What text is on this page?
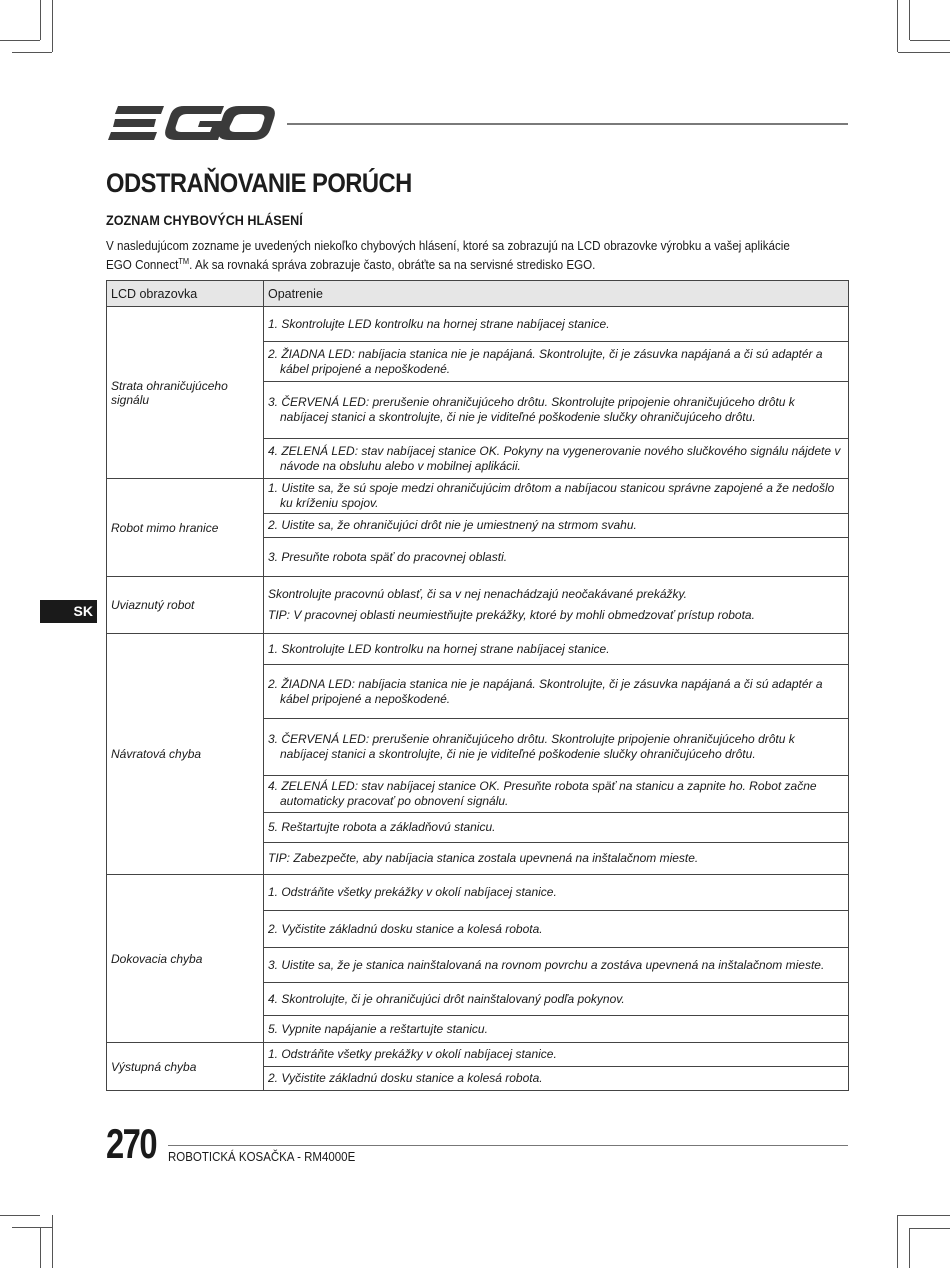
ODSTRAŇOVANIE PORÚCH
ZOZNAM CHYBOVÝCH HLÁSENÍ

V nasledujúcom zozname je uvedených niekoľko chybových hlásení, ktoré sa zobrazujú na LCD obrazovke výrobku a vašej aplikácie EGO Connect™. Ak sa rovnaká správa zobrazuje často, obráťte sa na servisné stredisko EGO.

SK
LCD obrazovka	Opatrenie
Strata ohraničujúceho signálu	1. Skontrolujte LED kontrolku na hornej strane nabíjacej stanice.

	2. ŽIADNA LED: nabíjacia stanica nie je napájaná. Skontrolujte, či je zásuvka napájaná a či sú adaptér a kábel pripojené a nepoškodené.

	3. ČERVENÁ LED: prerušenie ohraničujúceho drôtu. Skontrolujte pripojenie ohraničujúceho drôtu k nabíjacej stanici a skontrolujte, či nie je viditeľné poškodenie slučky ohraničujúceho drôtu.

	4. ZELENÁ LED: stav nabíjacej stanice OK. Pokyny na vygenerovanie nového slučkového signálu nájdete v návode na obsluhu alebo v mobilnej aplikácii.

Robot mimo hranice	1. Uistite sa, že sú spoje medzi ohraničujúcim drôtom a nabíjacou stanicou správne zapojené a že nedošlo ku kríženiu spojov.

	2. Uistite sa, že ohraničujúci drôt nie je umiestnený na strmom svahu.

	3. Presuňte robota späť do pracovnej oblasti.

Uviaznutý robot	Skontrolujte pracovnú oblasť, či sa v nej nenachádzajú neočakávané prekážky.
TIP: V pracovnej oblasti neumiestňujte prekážky, ktoré by mohli obmedzovať prístup robota.

Návratová chyba	1. Skontrolujte LED kontrolku na hornej strane nabíjacej stanice.

	2. ŽIADNA LED: nabíjacia stanica nie je napájaná. Skontrolujte, či je zásuvka napájaná a či sú adaptér a kábel pripojené a nepoškodené.

	3. ČERVENÁ LED: prerušenie ohraničujúceho drôtu. Skontrolujte pripojenie ohraničujúceho drôtu k nabíjacej stanici a skontrolujte, či nie je viditeľné poškodenie slučky ohraničujúceho drôtu.

	4. ZELENÁ LED: stav nabíjacej stanice OK. Presuňte robota späť na stanicu a zapnite ho. Robot začne automaticky pracovať po obnovení signálu.

	5. Reštartujte robota a základňovú stanicu.

	TIP: Zabezpečte, aby nabíjacia stanica zostala upevnená na inštalačnom mieste.

Dokovacia chyba	1. Odstráňte všetky prekážky v okolí nabíjacej stanice.

	2. Vyčistite základnú dosku stanice a kolesá robota.

	3. Uistite sa, že je stanica nainštalovaná na rovnom povrchu a zostáva upevnená na inštalačnom mieste.

	4. Skontrolujte, či je ohraničujúci drôt nainštalovaný podľa pokynov.

	5. Vypnite napájanie a reštartujte stanicu.

Výstupná chyba	1. Odstráňte všetky prekážky v okolí nabíjacej stanice.

	2. Vyčistite základnú dosku stanice a kolesá robota.
270 ROBOTICKÁ KOSAČKA - RM4000E
